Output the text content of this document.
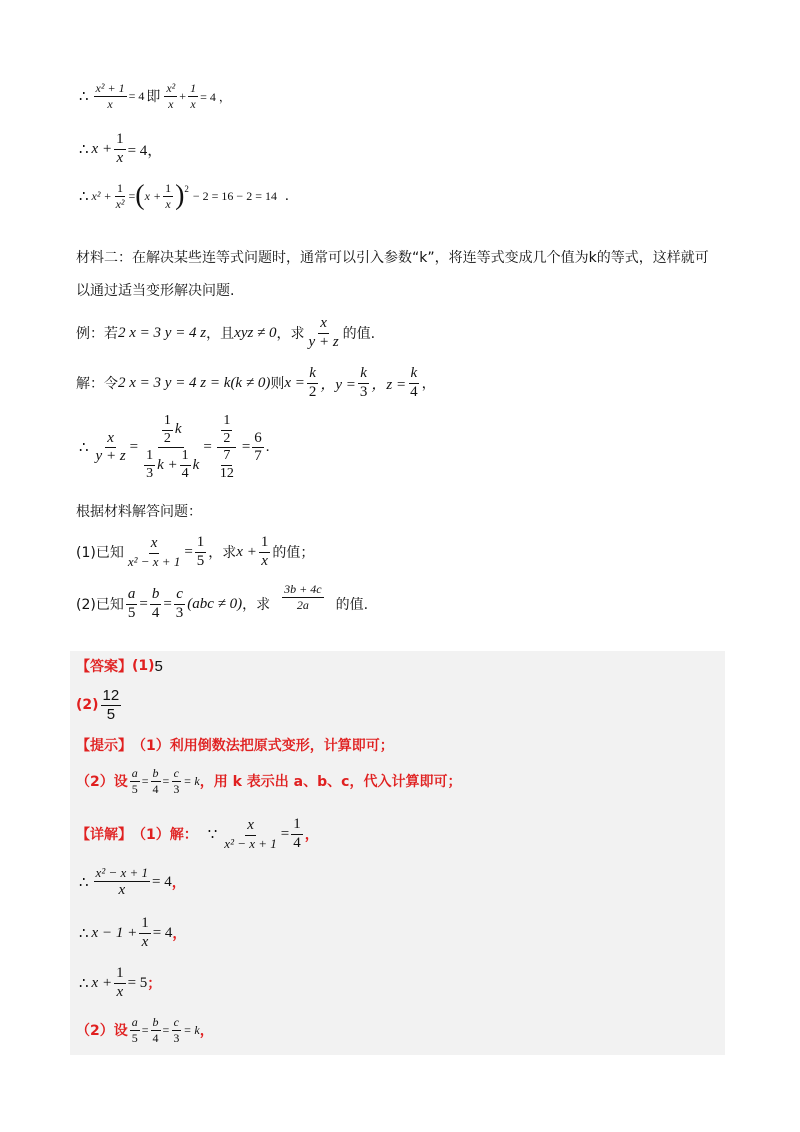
∴ $\frac{\text{x² + 1}}{x} = 4$ 即 $\frac{\text{x²}}{x} + \frac{1}{x} = 4$ ，
∴ $x + \frac{1}{x} = 4$，
∴ $x^2 + \frac{1}{\text{x²}}$ = ( $x + \frac{1}{x}$ ) 2 − 2 = 16 − 2 = 14 .
材料二：在解决某些连等式问题时，通常可以引入参数“k”，将连等式变成几个值为k的等式，这样就可
以通过适当变形解决问题.
例：若 2 x = 3 y = 4 z ，且 xyz ≠ 0 ，求 $\frac{x}{y + z}$ 的值.
解：令 2 x = 3 y = 4 z = k (k ≠ 0) 则 $x = \frac{k}{2}$ ，$y = \frac{k}{3}$ ，$z = \frac{k}{4}$ ，
∴ $\frac{x}{y + z}$ =
$\frac{1}{2}$ k
$\frac{1}{3}$ $k + \frac{1}{4}$ k
= $\frac{\frac{1}{2}}{\frac{7}{12}} = \frac{6}{7}$ .
根据材料解答问题：
(1)已知 $\frac{x}{\text{x² − x + 1}} = \frac{1}{5}$ ，求 $x + \frac{1}{x}$ 的值；
(2)已知 $\frac{a}{5} = \frac{b}{4} = \frac{c}{3} (abc \ne 0)$ ，求 $\frac{3b + 4c}{2a}$ 的值.
【答案】 (1) 5
$(2) \frac{12}{5}$
【提示】 （1）利用倒数法把原式变形，计算即可；
（2）设 $\frac{a}{5} = \frac{b}{4} = \frac{c}{3} = k$ ，用 k 表示出 a、b、c，代入计算即可；
【详解】 （1）解： ∵ $\frac{x}{\text{x² − x + 1}} = \frac{1}{4}$ ，
∴ $\frac{\text{x² − x + 1}}{x} = 4$ ，
∴ $x - 1 + \frac{1}{x} = 4$ ，
∴ $x + \frac{1}{x} = 5$ ；
（2）设 $\frac{a}{5} = \frac{b}{4} = \frac{c}{3} = k$ ，
